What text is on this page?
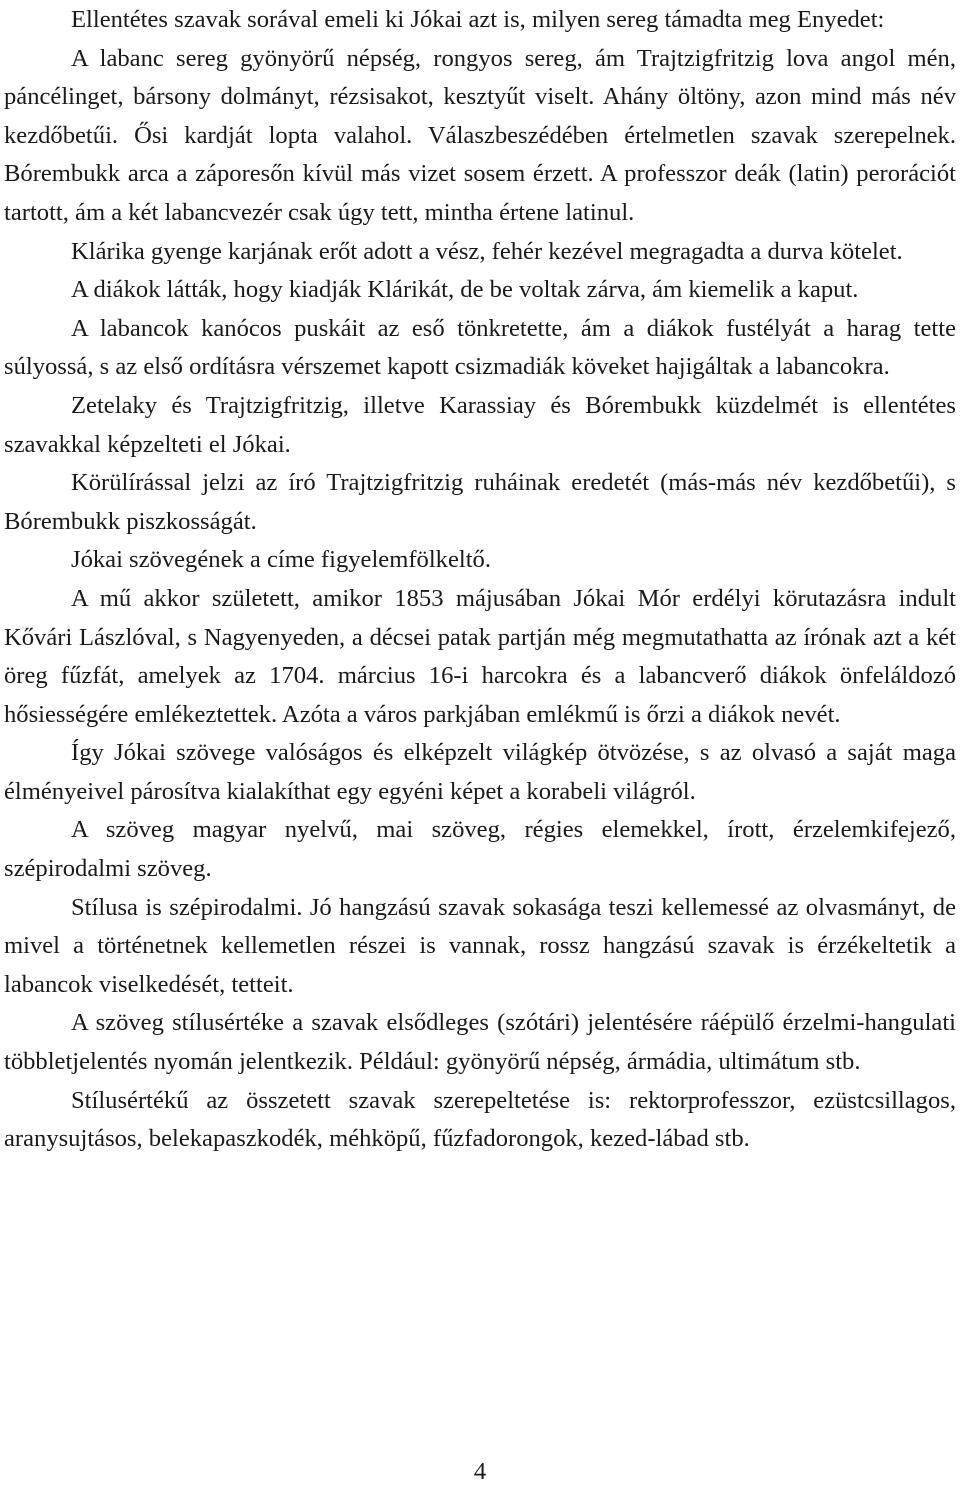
Ellentétes szavak sorával emeli ki Jókai azt is, milyen sereg támadta meg Enyedet:

A labanc sereg gyönyörű népség, rongyos sereg, ám Trajtzigfritzig lova angol mén, páncélinget, bársony dolmányt, rézsisakot, kesztyűt viselt. Ahány öltöny, azon mind más név kezdőbetűi. Ősi kardját lopta valahol. Válaszbeszédében értelmetlen szavak szerepelnek. Bórembukk arca a záporesőn kívül más vizet sosem érzett. A professzor deák (latin) perorációt tartott, ám a két labancvezér csak úgy tett, mintha értene latinul.

Klárika gyenge karjának erőt adott a vész, fehér kezével megragadta a durva kötelet.

A diákok látták, hogy kiadják Klárikát, de be voltak zárva, ám kiemelik a kaput.

A labancok kanócos puskáit az eső tönkretette, ám a diákok fustélyát a harag tette súlyossá, s az első ordításra vérszemet kapott csizmadiák köveket hajigáltak a labancokra.

Zetelaky és Trajtzigfritzig, illetve Karassiay és Bórembukk küzdelmét is ellentétes szavakkal képzelteti el Jókai.

Körülírással jelzi az író Trajtzigfritzig ruháinak eredetét (más-más név kezdőbetűi), s Bórembukk piszkosságát.

Jókai szövegének a címe figyelemfölkeltő.

A mű akkor született, amikor 1853 májusában Jókai Mór erdélyi körutazásra indult Kővári Lászlóval, s Nagyenyeden, a décsei patak partján még megmutathatta az írónak azt a két öreg fűzfát, amelyek az 1704. március 16-i harcokra és a labancverő diákok önfeláldozó hősiességére emlékeztettek. Azóta a város parkjában emlékmű is őrzi a diákok nevét.

Így Jókai szövege valóságos és elképzelt világkép ötvözése, s az olvasó a saját maga élményeivel párosítva kialakíthat egy egyéni képet a korabeli világról.

A szöveg magyar nyelvű, mai szöveg, régies elemekkel, írott, érzelemkifejező, szépirodalmi szöveg.

Stílusa is szépirodalmi. Jó hangzású szavak sokasága teszi kellemessé az olvasmányt, de mivel a történetnek kellemetlen részei is vannak, rossz hangzású szavak is érzékeltetik a labancok viselkedését, tetteit.

A szöveg stílusértéke a szavak elsődleges (szótári) jelentésére ráépülő érzelmi-hangulati többletjelentés nyomán jelentkezik. Például: gyönyörű népség, ármádia, ultimátum stb.

Stílusértékű az összetett szavak szerepeltetése is: rektorprofesszor, ezüstcsillagos, aranysujtásos, belekapaszkodék, méhköpű, fűzfadorongok, kezed-lábad stb.

4
